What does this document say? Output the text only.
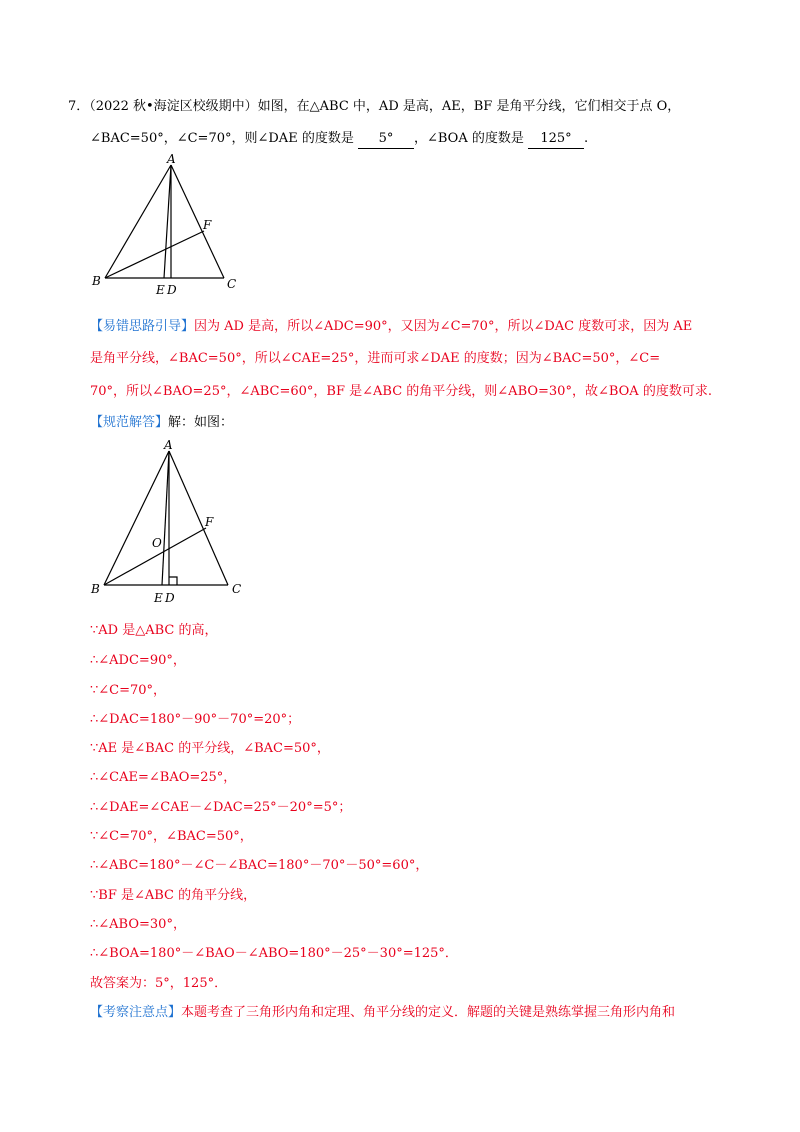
7．（2022 秋•海淀区校级期中）如图，在△ABC 中，AD 是高，AE，BF 是角平分线，它们相交于点 O，
∠BAC=50°，∠C=70°，则∠DAE 的度数是 5° ，∠BOA 的度数是 125° .
A
B	C
F
E D
【易错思路引导】因为 AD 是高，所以∠ADC=90°，又因为∠C=70°，所以∠DAC 度数可求，因为 AE
是角平分线，∠BAC=50°，所以∠CAE=25°，进而可求∠DAE 的度数；因为∠BAC=50°，∠C=
70°，所以∠BAO=25°，∠ABC=60°，BF 是∠ABC 的角平分线，则∠ABO=30°，故∠BOA 的度数可求.
【规范解答】解：如图：
A
B	C
F
O
E D
∵AD 是△ABC 的高，
∴∠ADC=90°，
∵∠C=70°，
∴∠DAC=180°－90°－70°=20°；
∵AE 是∠BAC 的平分线，∠BAC=50°，
∴∠CAE=∠BAO=25°，
∴∠DAE=∠CAE－∠DAC=25°－20°=5°；
∵∠C=70°，∠BAC=50°，
∴∠ABC=180°－∠C－∠BAC=180°－70°－50°=60°，
∵BF 是∠ABC 的角平分线，
∴∠ABO=30°，
∴∠BOA=180°－∠BAO－∠ABO=180°－25°－30°=125°．
故答案为：5°，125°．
【考察注意点】本题考查了三角形内角和定理、角平分线的定义．解题的关键是熟练掌握三角形内角和
